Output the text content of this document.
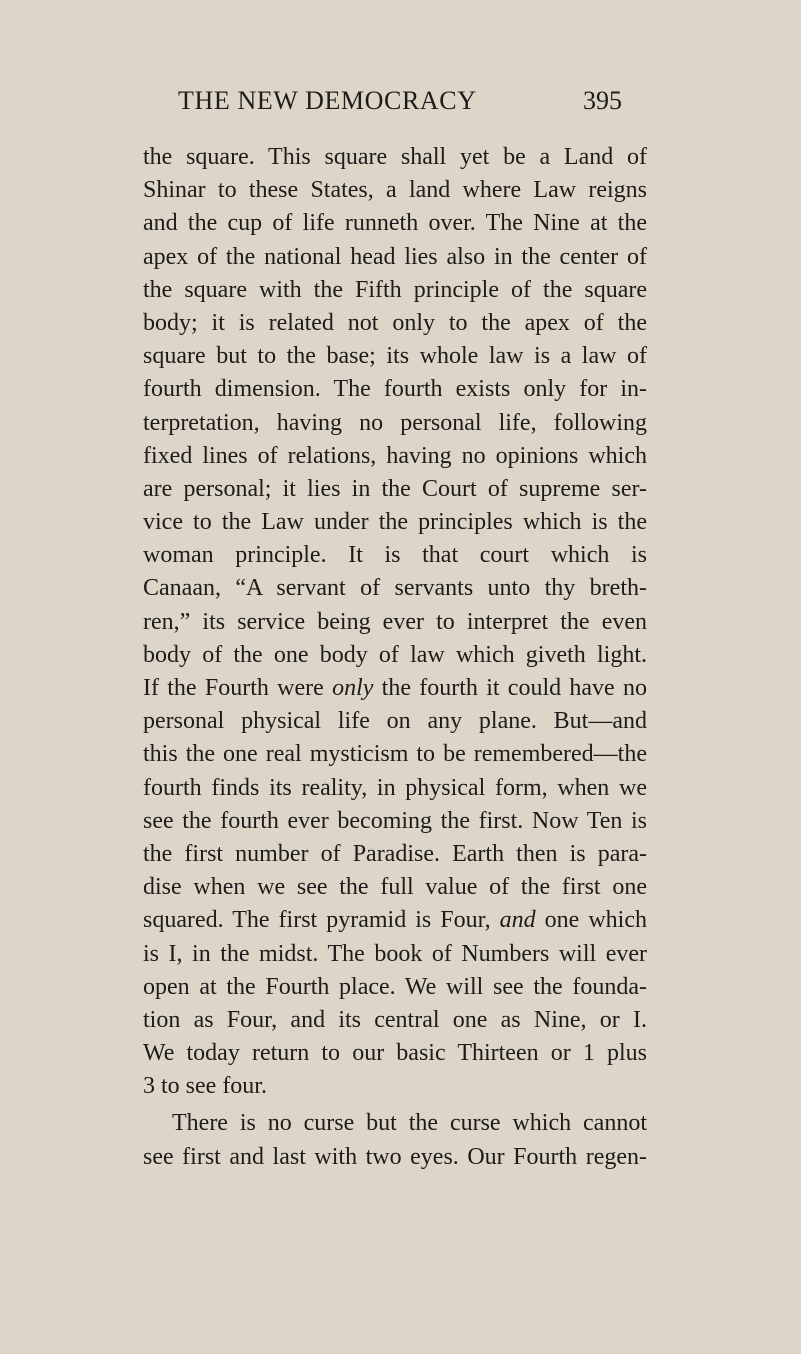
THE NEW DEMOCRACY	395
the square. This square shall yet be a Land of
Shinar to these States, a land where Law reigns
and the cup of life runneth over. The Nine at the
apex of the national head lies also in the center of
the square with the Fifth principle of the square
body; it is related not only to the apex of the
square but to the base; its whole law is a law of
fourth dimension. The fourth exists only for in-
terpretation, having no personal life, following
fixed lines of relations, having no opinions which
are personal; it lies in the Court of supreme ser-
vice to the Law under the principles which is the
woman principle. It is that court which is
Canaan, “A servant of servants unto thy breth-
ren,” its service being ever to interpret the even
body of the one body of law which giveth light.
If the Fourth were only the fourth it could have no
personal physical life on any plane. But—and
this the one real mysticism to be remembered—the
fourth finds its reality, in physical form, when we
see the fourth ever becoming the first. Now Ten is
the first number of Paradise. Earth then is para-
dise when we see the full value of the first one
squared. The first pyramid is Four, and one which
is I, in the midst. The book of Numbers will ever
open at the Fourth place. We will see the founda-
tion as Four, and its central one as Nine, or I.
We today return to our basic Thirteen or 1 plus
3 to see four.
There is no curse but the curse which cannot
see first and last with two eyes. Our Fourth regen-
